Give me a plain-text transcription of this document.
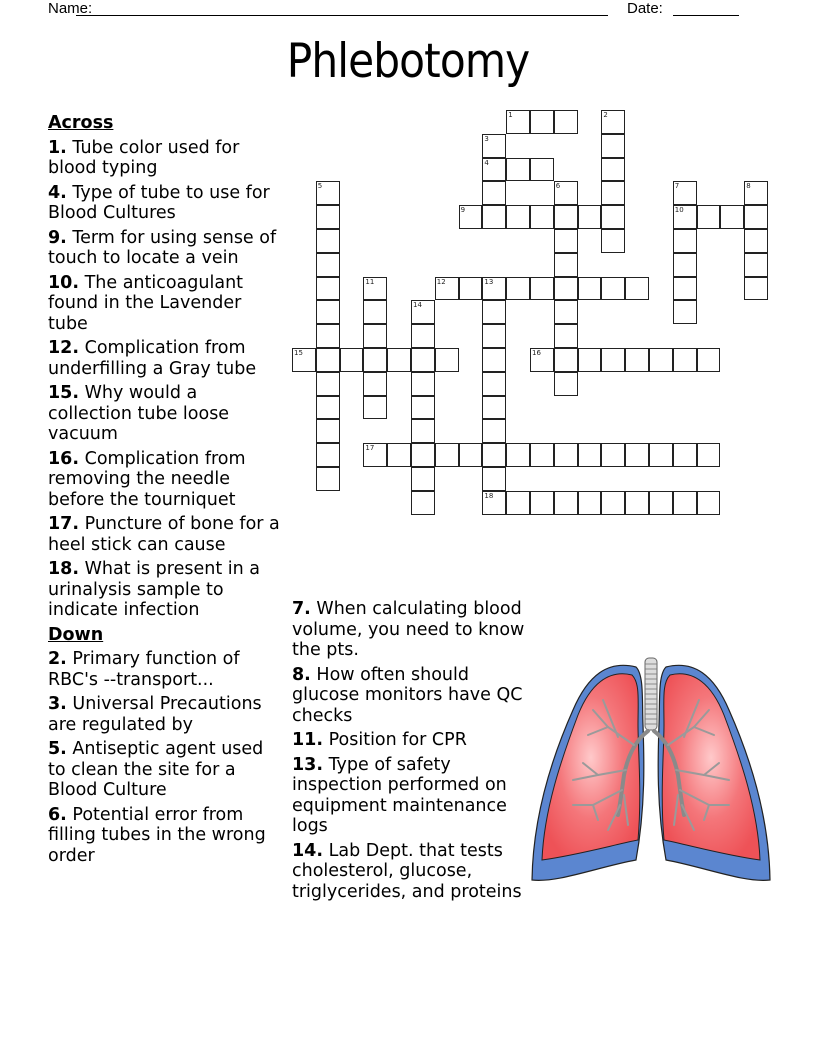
Name:	Date:
Phlebotomy
1	2
3
4
5	6	7
10
8
9
11	12	13
18
14
15	16
17
Across
1. Tube color used for blood typing
4. Type of tube to use for Blood Cultures
9. Term for using sense of touch to locate a vein
10. The anticoagulant found in the Lavender tube
12. Complication from underfilling a Gray tube
15. Why would a collection tube loose vacuum
16. Complication from removing the needle before the tourniquet
17. Puncture of bone for a heel stick can cause
18. What is present in a urinalysis sample to indicate infection
Down
2. Primary function of RBC's --transport...
3. Universal Precautions are regulated by
5. Antiseptic agent used to clean the site for a Blood Culture
6. Potential error from filling tubes in the wrong order
7. When calculating blood volume, you need to know the pts.
8. How often should glucose monitors have QC checks
11. Position for CPR
13. Type of safety inspection performed on equipment maintenance logs
14. Lab Dept. that tests cholesterol, glucose, triglycerides, and proteins
